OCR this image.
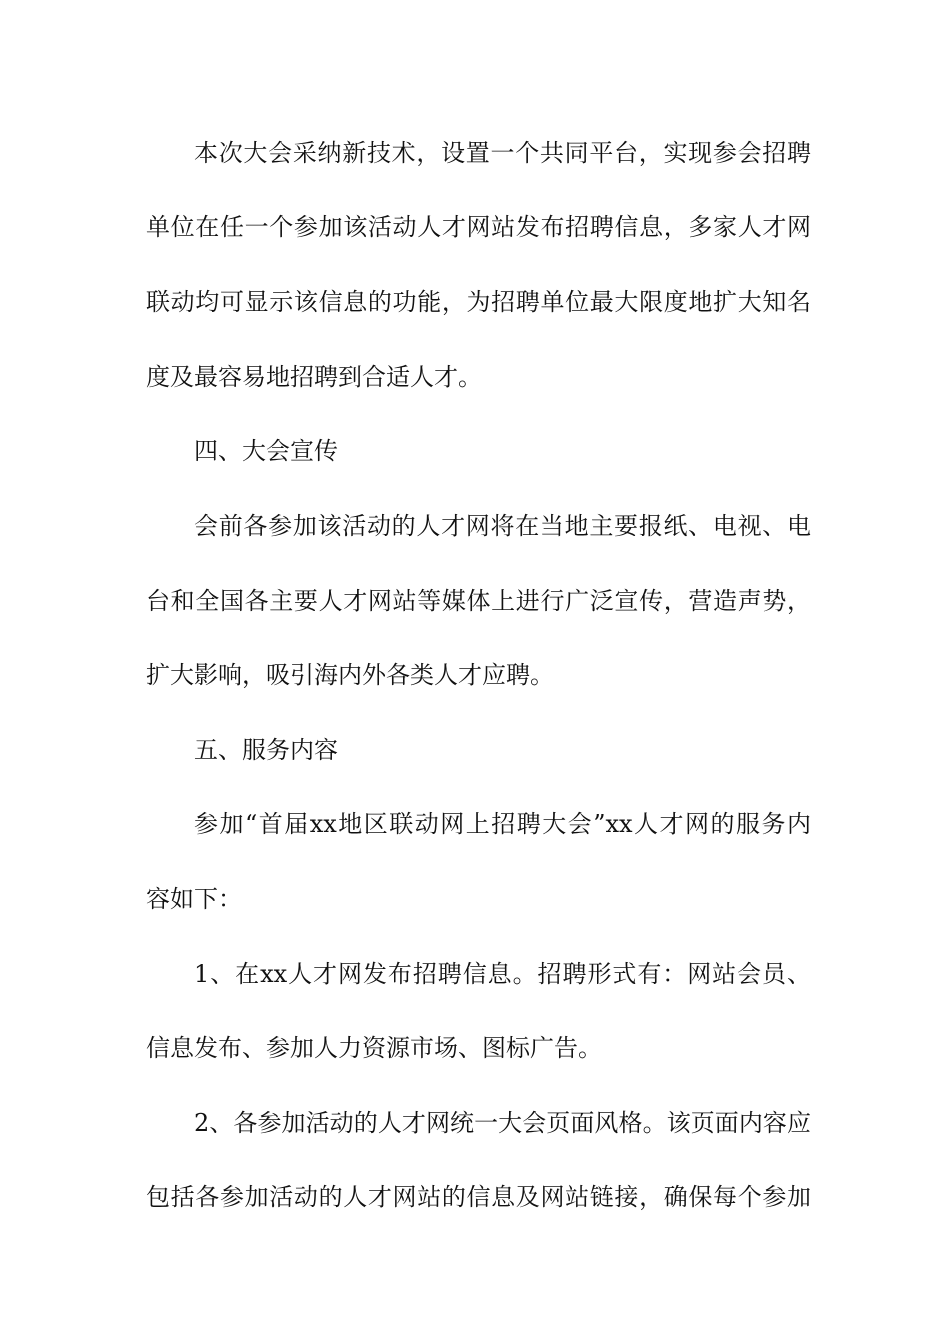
本次大会采纳新技术，设置一个共同平台，实现参会招聘
单位在任一个参加该活动人才网站发布招聘信息，多家人才网
联动均可显示该信息的功能，为招聘单位最大限度地扩大知名
度及最容易地招聘到合适人才。
四、大会宣传
会前各参加该活动的人才网将在当地主要报纸、电视、电
台和全国各主要人才网站等媒体上进行广泛宣传，营造声势，
扩大影响，吸引海内外各类人才应聘。
五、服务内容
参加“首届xx地区联动网上招聘大会”xx人才网的服务内
容如下：
1、在xx人才网发布招聘信息。招聘形式有：网站会员、
信息发布、参加人力资源市场、图标广告。
2、各参加活动的人才网统一大会页面风格。该页面内容应
包括各参加活动的人才网站的信息及网站链接，确保每个参加
